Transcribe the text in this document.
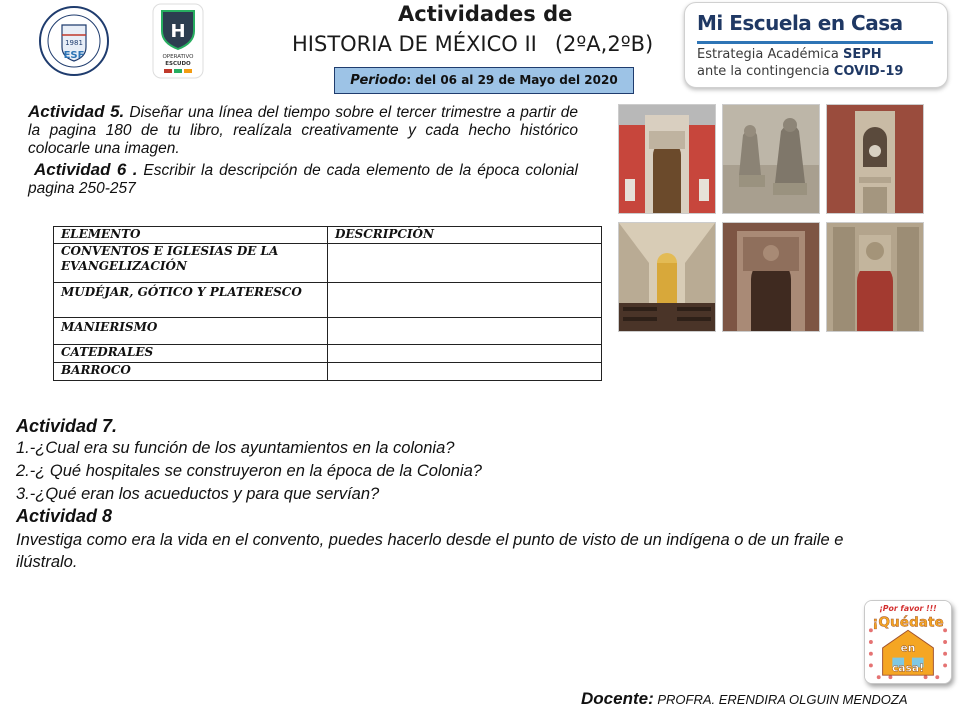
1981
ESF
H
OPERATIVO
ESCUDO
Actividades de
HISTORIA DE MÉXICO II (2ºA,2ºB)
Periodo: del 06 al 29 de Mayo del 2020
Mi Escuela en Casa
Estrategia Académica SEPH
ante la contingencia COVID-19

Actividad 5. Diseñar una línea del tiempo sobre el tercer trimestre a partir de la pagina 180 de tu libro, realízala creativamente y cada hecho histórico colocarle una imagen.

Actividad 6 . Escribir la descripción de cada elemento de la época colonial pagina 250-257

ELEMENTO	DESCRIPCIÓN
CONVENTOS E IGLESIAS DE LA EVANGELIZACIÓN	
MUDÉJAR, GÓTICO Y PLATERESCO	
MANIERISMO	
CATEDRALES	
BARROCO	
Actividad 7.
1.-¿Cual era su función de los ayuntamientos en la colonia?
2.-¿ Qué hospitales se construyeron en la época de la Colonia?
3.-¿Qué eran los acueductos y para que servían?
Actividad 8
Investiga como era la vida en el convento, puedes hacerlo desde el punto de visto de un indígena o de un fraile e ilústralo.
¡Por favor !!!
¡Quédate
en
casa!
Docente: PROFRA. ERENDIRA OLGUIN MENDOZA
